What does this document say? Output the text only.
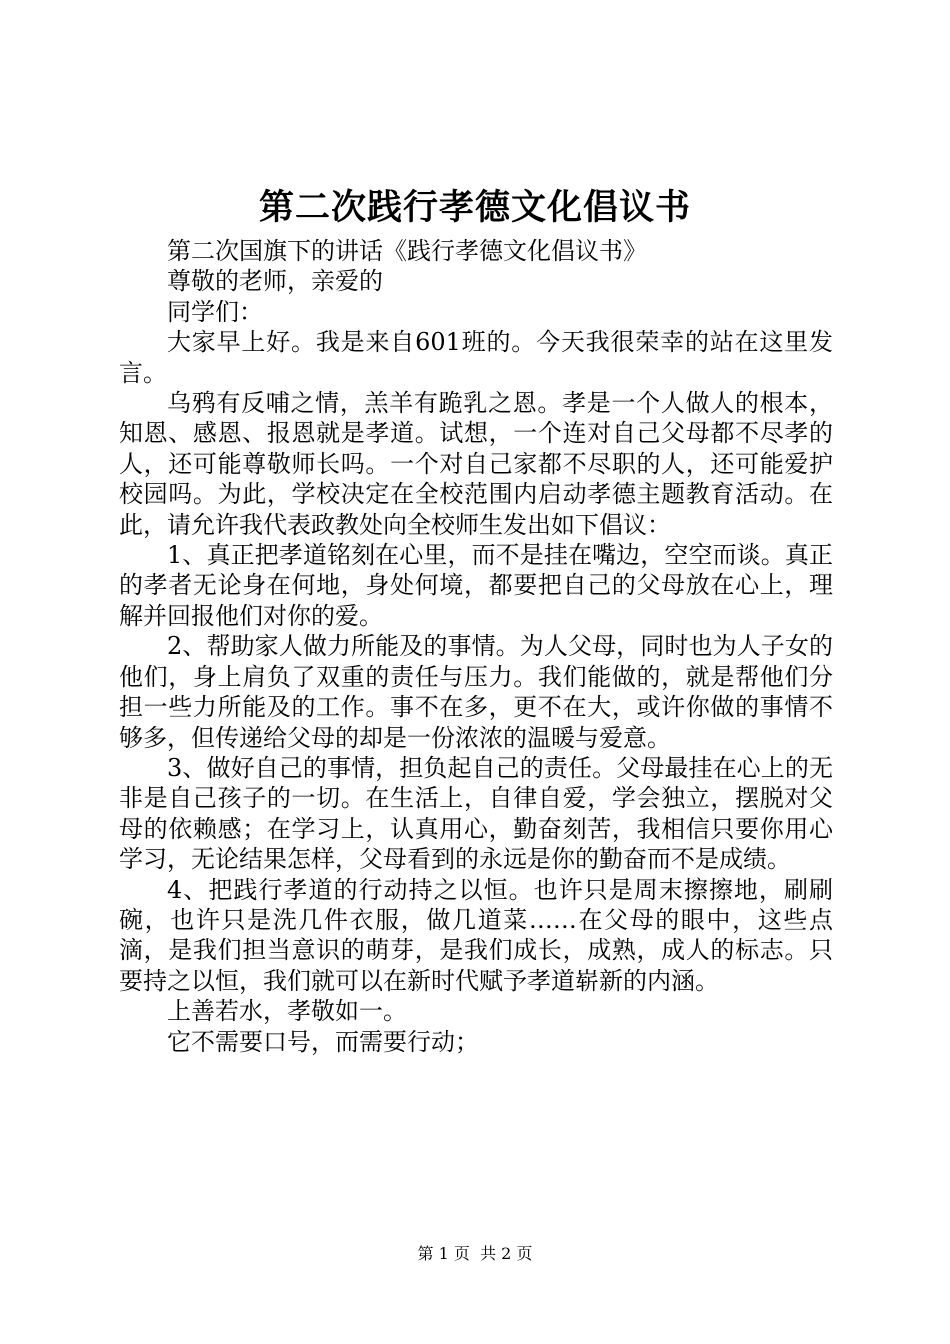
第二次践行孝德文化倡议书

第二次国旗下的讲话《践行孝德文化倡议书》

尊敬的老师，亲爱的

同学们：

大家早上好。我是来自601班的。今天我很荣幸的站在这里发言。

乌鸦有反哺之情，羔羊有跪乳之恩。孝是一个人做人的根本，知恩、感恩、报恩就是孝道。试想，一个连对自己父母都不尽孝的人，还可能尊敬师长吗。一个对自己家都不尽职的人，还可能爱护校园吗。为此，学校决定在全校范围内启动孝德主题教育活动。在此，请允许我代表政教处向全校师生发出如下倡议：

1、真正把孝道铭刻在心里，而不是挂在嘴边，空空而谈。真正的孝者无论身在何地，身处何境，都要把自己的父母放在心上，理解并回报他们对你的爱。

2、帮助家人做力所能及的事情。为人父母，同时也为人子女的他们，身上肩负了双重的责任与压力。我们能做的，就是帮他们分担一些力所能及的工作。事不在多，更不在大，或许你做的事情不够多，但传递给父母的却是一份浓浓的温暖与爱意。

3、做好自己的事情，担负起自己的责任。父母最挂在心上的无非是自己孩子的一切。在生活上，自律自爱，学会独立，摆脱对父母的依赖感；在学习上，认真用心，勤奋刻苦，我相信只要你用心学习，无论结果怎样，父母看到的永远是你的勤奋而不是成绩。

4、把践行孝道的行动持之以恒。也许只是周末擦擦地，刷刷碗，也许只是洗几件衣服，做几道菜……在父母的眼中，这些点滴，是我们担当意识的萌芽，是我们成长，成熟，成人的标志。只要持之以恒，我们就可以在新时代赋予孝道崭新的内涵。

上善若水，孝敬如一。

它不需要口号，而需要行动；

第 1 页 共 2 页
